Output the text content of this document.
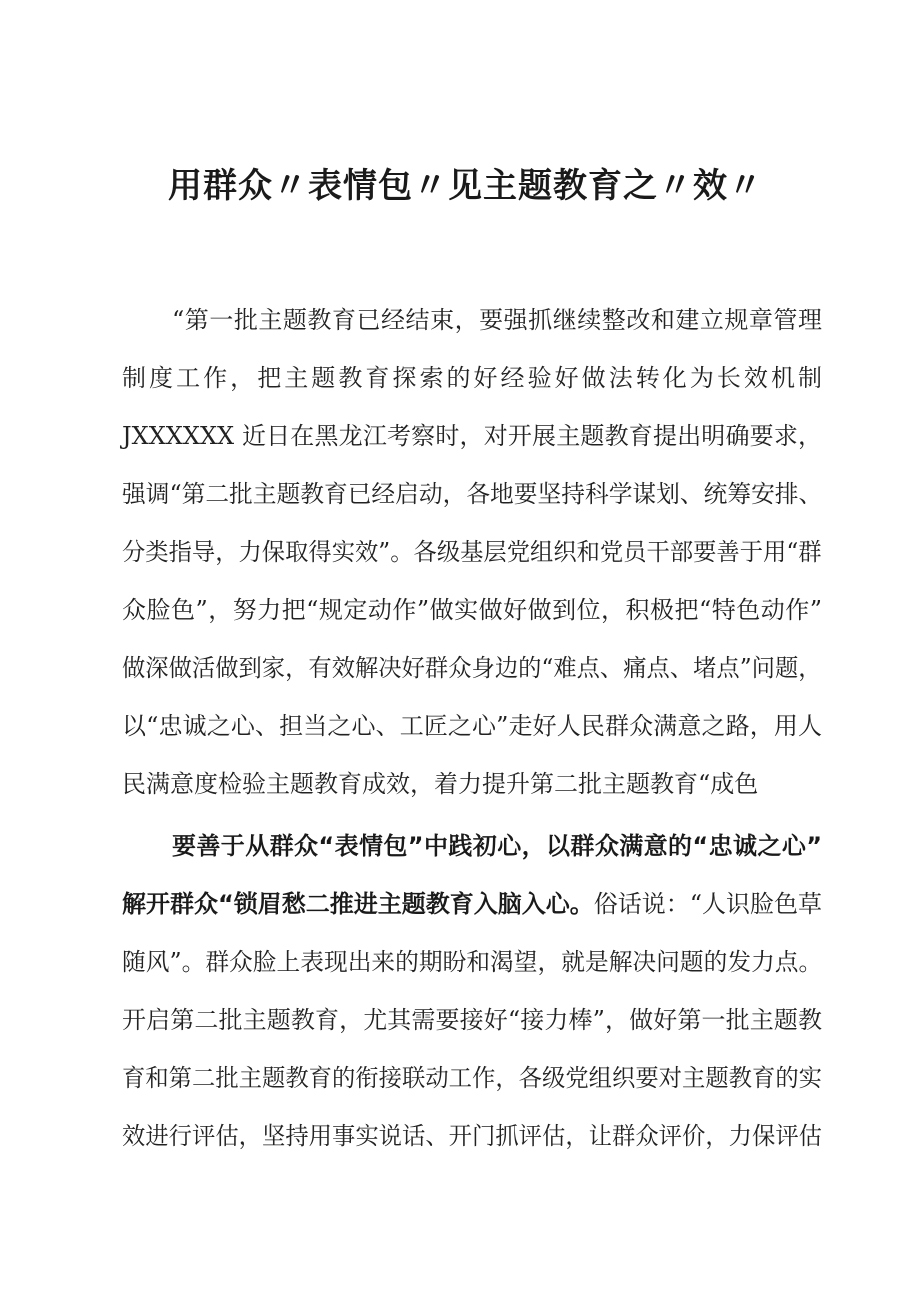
用群众〃表情包〃见主题教育之〃效〃
“第一批主题教育已经结束，要强抓继续整改和建立规章管理
制度工作，把主题教育探索的好经验好做法转化为长效机制
JXXXXXX 近日在黑龙江考察时，对开展主题教育提出明确要求，
强调“第二批主题教育已经启动，各地要坚持科学谋划、统筹安排、
分类指导，力保取得实效”。各级基层党组织和党员干部要善于用“群
众脸色”，努力把“规定动作”做实做好做到位，积极把“特色动作”
做深做活做到家，有效解决好群众身边的“难点、痛点、堵点”问题，
以“忠诚之心、担当之心、工匠之心”走好人民群众满意之路，用人
民满意度检验主题教育成效，着力提升第二批主题教育“成色
要善于从群众“表情包”中践初心，以群众满意的“忠诚之心”
解开群众“锁眉愁二推进主题教育入脑入心。俗话说：“人识脸色草
随风”。群众脸上表现出来的期盼和渴望，就是解决问题的发力点。
开启第二批主题教育，尤其需要接好“接力棒”，做好第一批主题教
育和第二批主题教育的衔接联动工作，各级党组织要对主题教育的实
效进行评估，坚持用事实说话、开门抓评估，让群众评价，力保评估
